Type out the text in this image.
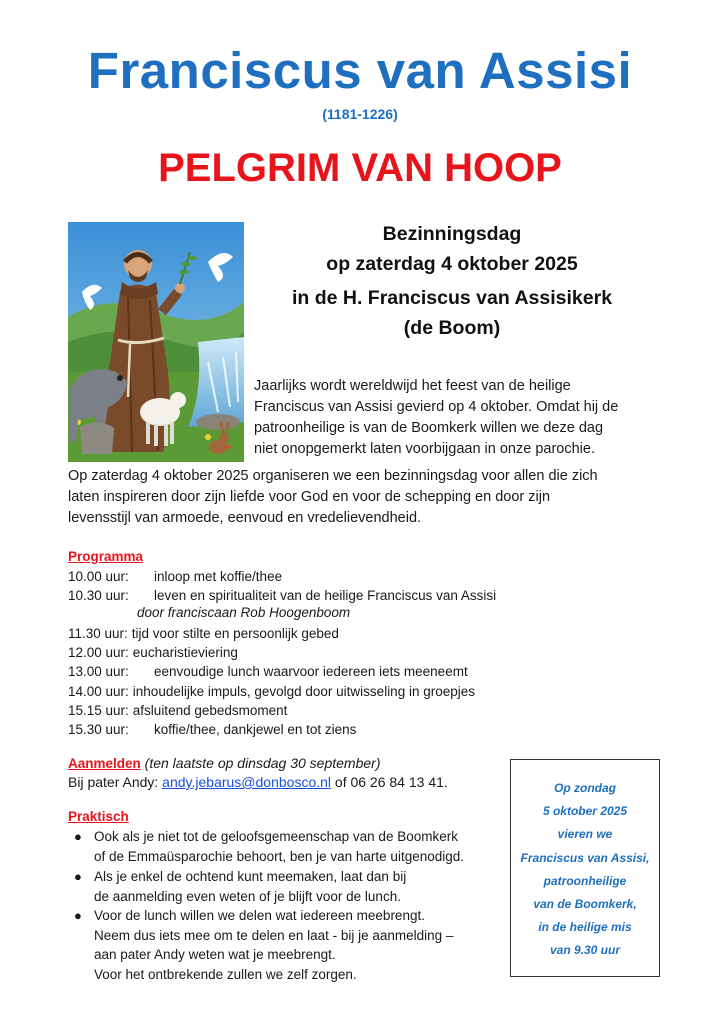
Franciscus van Assisi
(1181-1226)
PELGRIM VAN HOOP
Bezinningsdag
op zaterdag 4 oktober 2025
in de H. Franciscus van Assisikerk
(de Boom)
Jaarlijks wordt wereldwijd het feest van de heilige
Franciscus van Assisi gevierd op 4 oktober. Omdat hij de
patroonheilige is van de Boomkerk willen we deze dag
niet onopgemerkt laten voorbijgaan in onze parochie.
Op zaterdag 4 oktober 2025 organiseren we een bezinningsdag voor allen die zich
laten inspireren door zijn liefde voor God en voor de schepping en door zijn
levensstijl van armoede, eenvoud en vredelievendheid.
Programma
10.00 uur: inloop met koffie/thee
10.30 uur: leven en spiritualiteit van de heilige Franciscus van Assisi
door franciscaan Rob Hoogenboom
11.30 uur: tijd voor stilte en persoonlijk gebed
12.00 uur: eucharistieviering
13.00 uur: eenvoudige lunch waarvoor iedereen iets meeneemt
14.00 uur: inhoudelijke impuls, gevolgd door uitwisseling in groepjes
15.15 uur: afsluitend gebedsmoment
15.30 uur: koffie/thee, dankjewel en tot ziens
Aanmelden (ten laatste op dinsdag 30 september)
Bij pater Andy: andy.jebarus@donbosco.nl of 06 26 84 13 41.
Praktisch
● Ook als je niet tot de geloofsgemeenschap van de Boomkerk
of de Emmaüsparochie behoort, ben je van harte uitgenodigd.
● Als je enkel de ochtend kunt meemaken, laat dan bij
de aanmelding even weten of je blijft voor de lunch.
● Voor de lunch willen we delen wat iedereen meebrengt.
Neem dus iets mee om te delen en laat - bij je aanmelding –
aan pater Andy weten wat je meebrengt.
Voor het ontbrekende zullen we zelf zorgen.
Op zondag
5 oktober 2025
vieren we
Franciscus van Assisi,
patroonheilige
van de Boomkerk,
in de heilige mis
van 9.30 uur
